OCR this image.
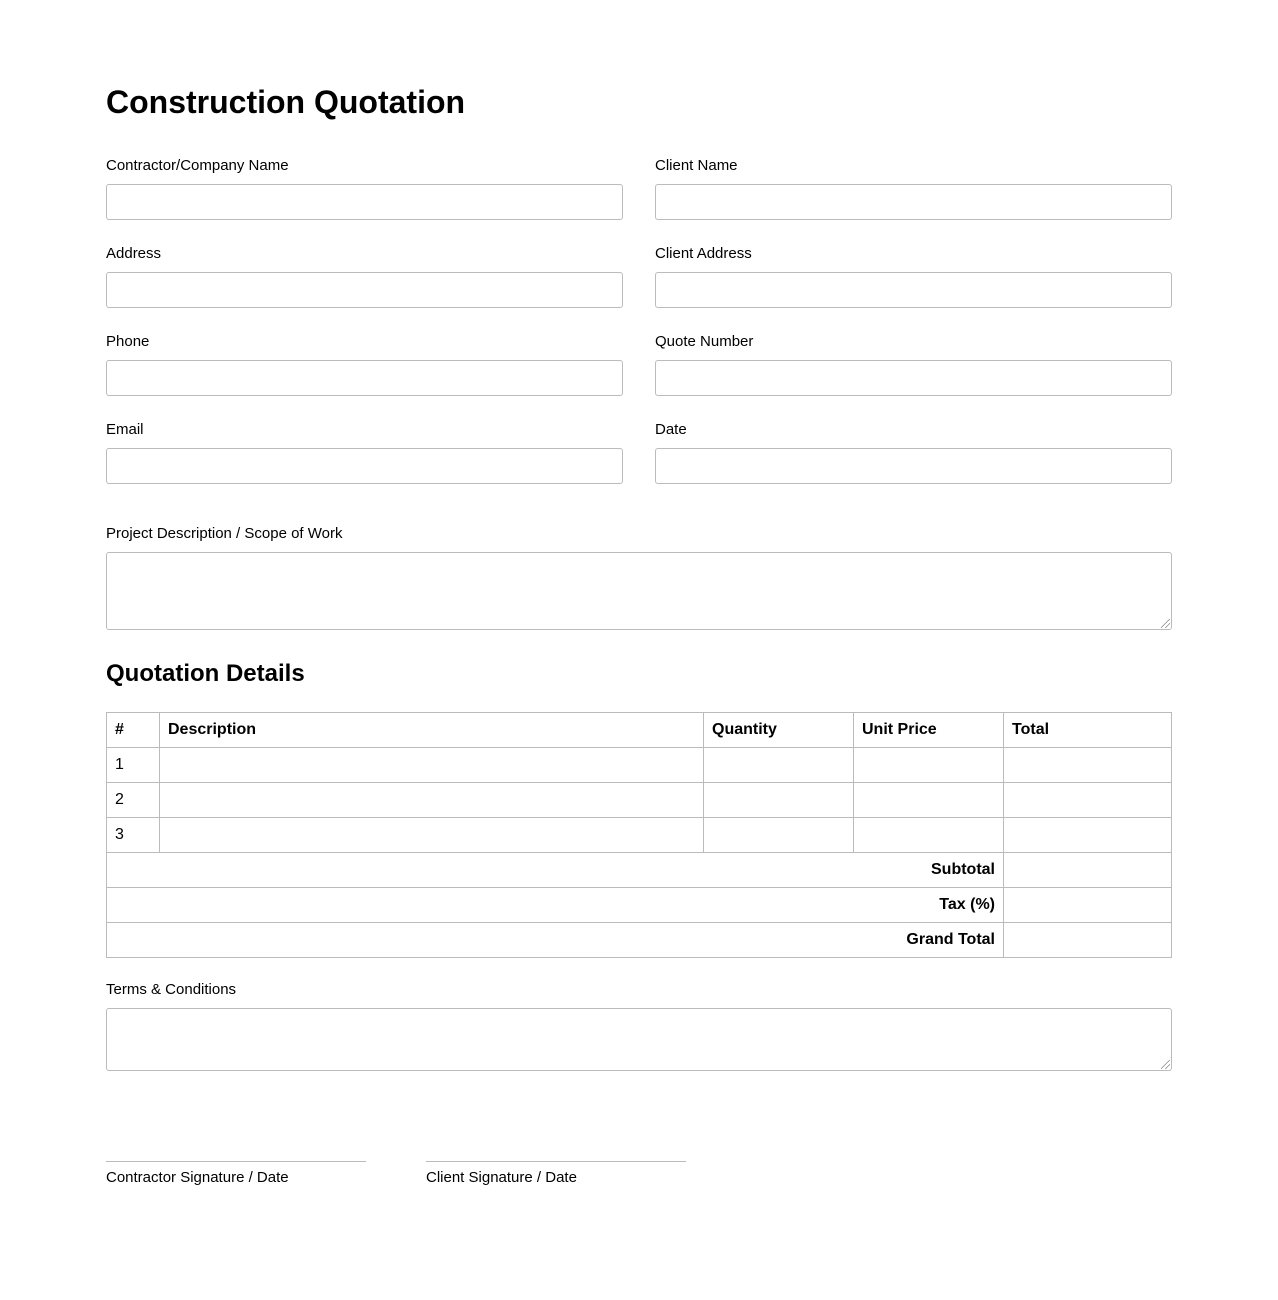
Construction Quotation
Contractor/Company Name	Client Name
Address	Client Address
Phone	Quote Number
Email	Date
Project Description / Scope of Work
Quotation Details
#	Description	Quantity	Unit Price	Total
1				
2				
3				
Subtotal				
Tax (%)				
Grand Total				
Terms & Conditions
Contractor Signature / Date	Client Signature / Date
